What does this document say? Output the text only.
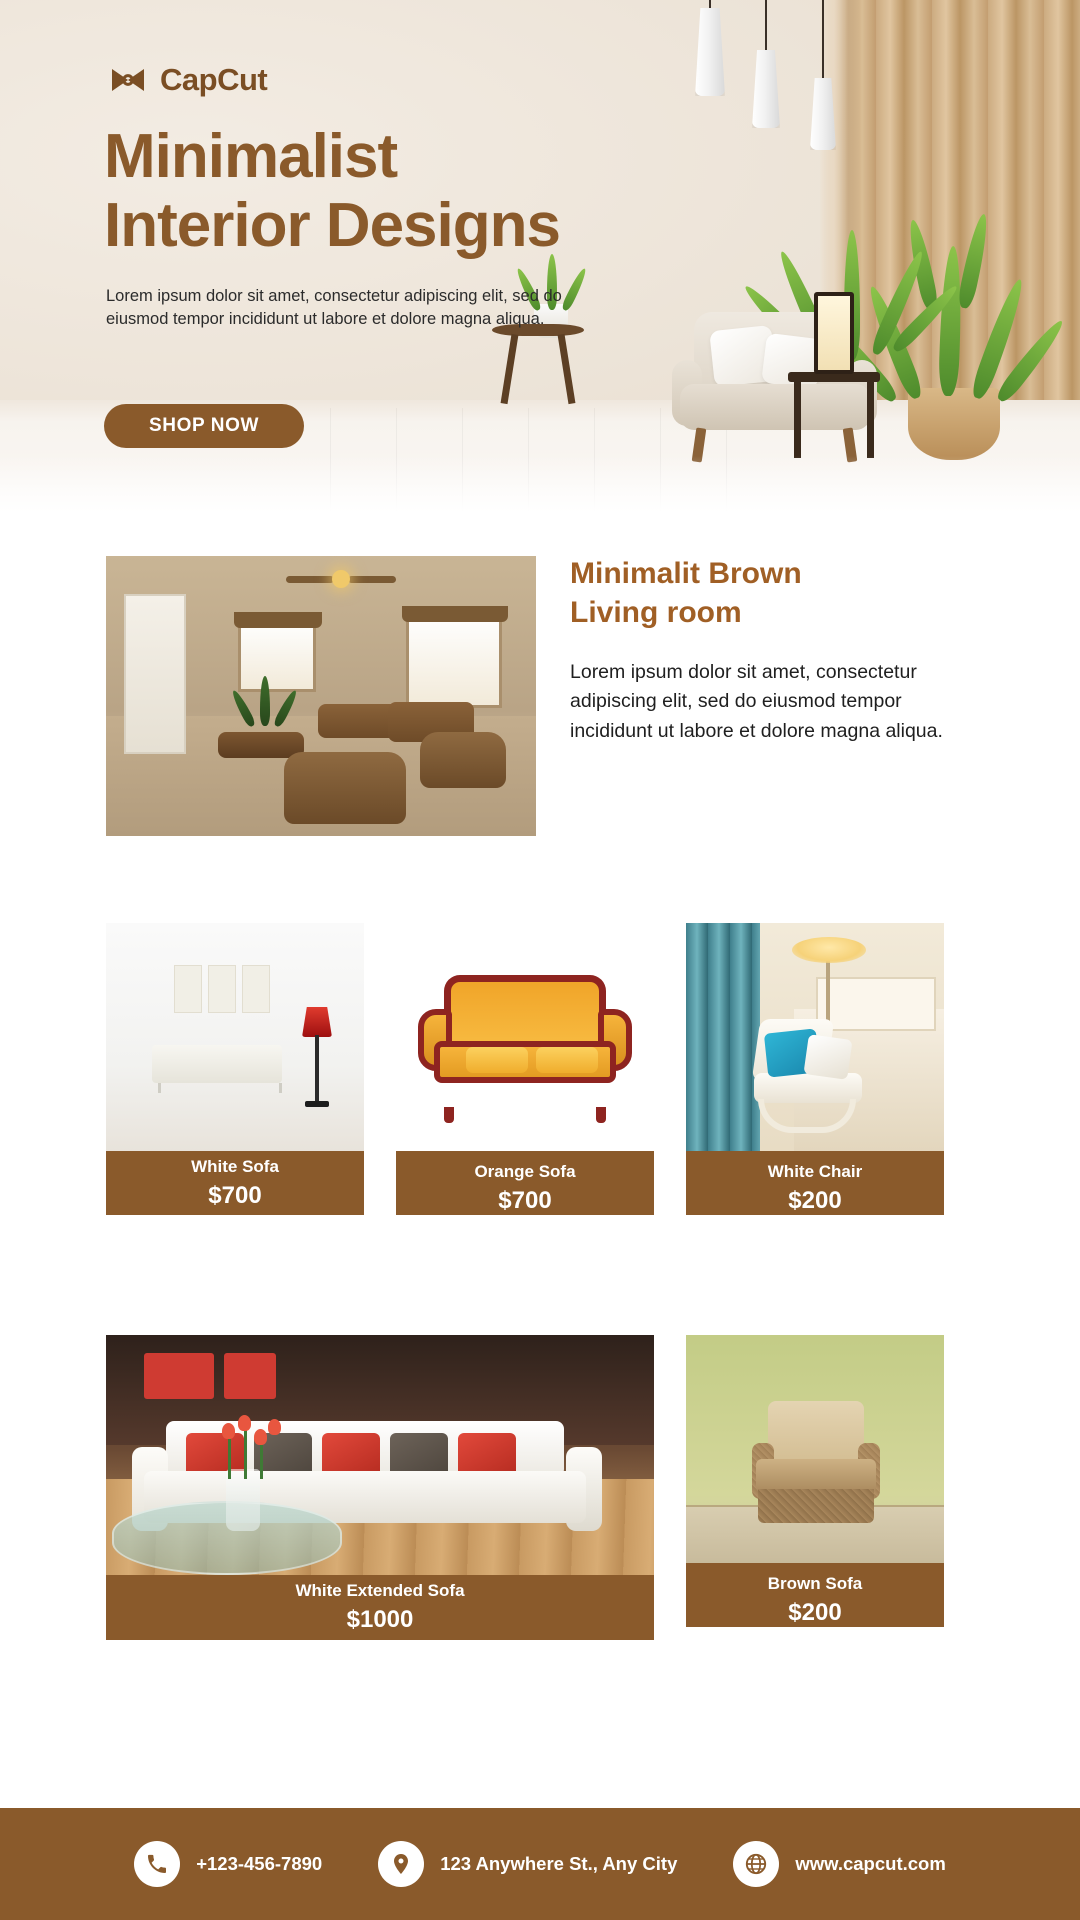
CapCut
Minimalist
Interior Designs

Lorem ipsum dolor sit amet, consectetur adipiscing elit, sed do eiusmod tempor incididunt ut labore et dolore magna aliqua.

SHOP NOW
Minimalit Brown
Living room

Lorem ipsum dolor sit amet, consectetur adipiscing elit, sed do eiusmod tempor incididunt ut labore et dolore magna aliqua.

White Sofa
$700
Orange Sofa
$700
White Chair
$200
White Extended Sofa
$1000
Brown Sofa
$200
+123-456-7890	123 Anywhere St., Any City	www.capcut.com
